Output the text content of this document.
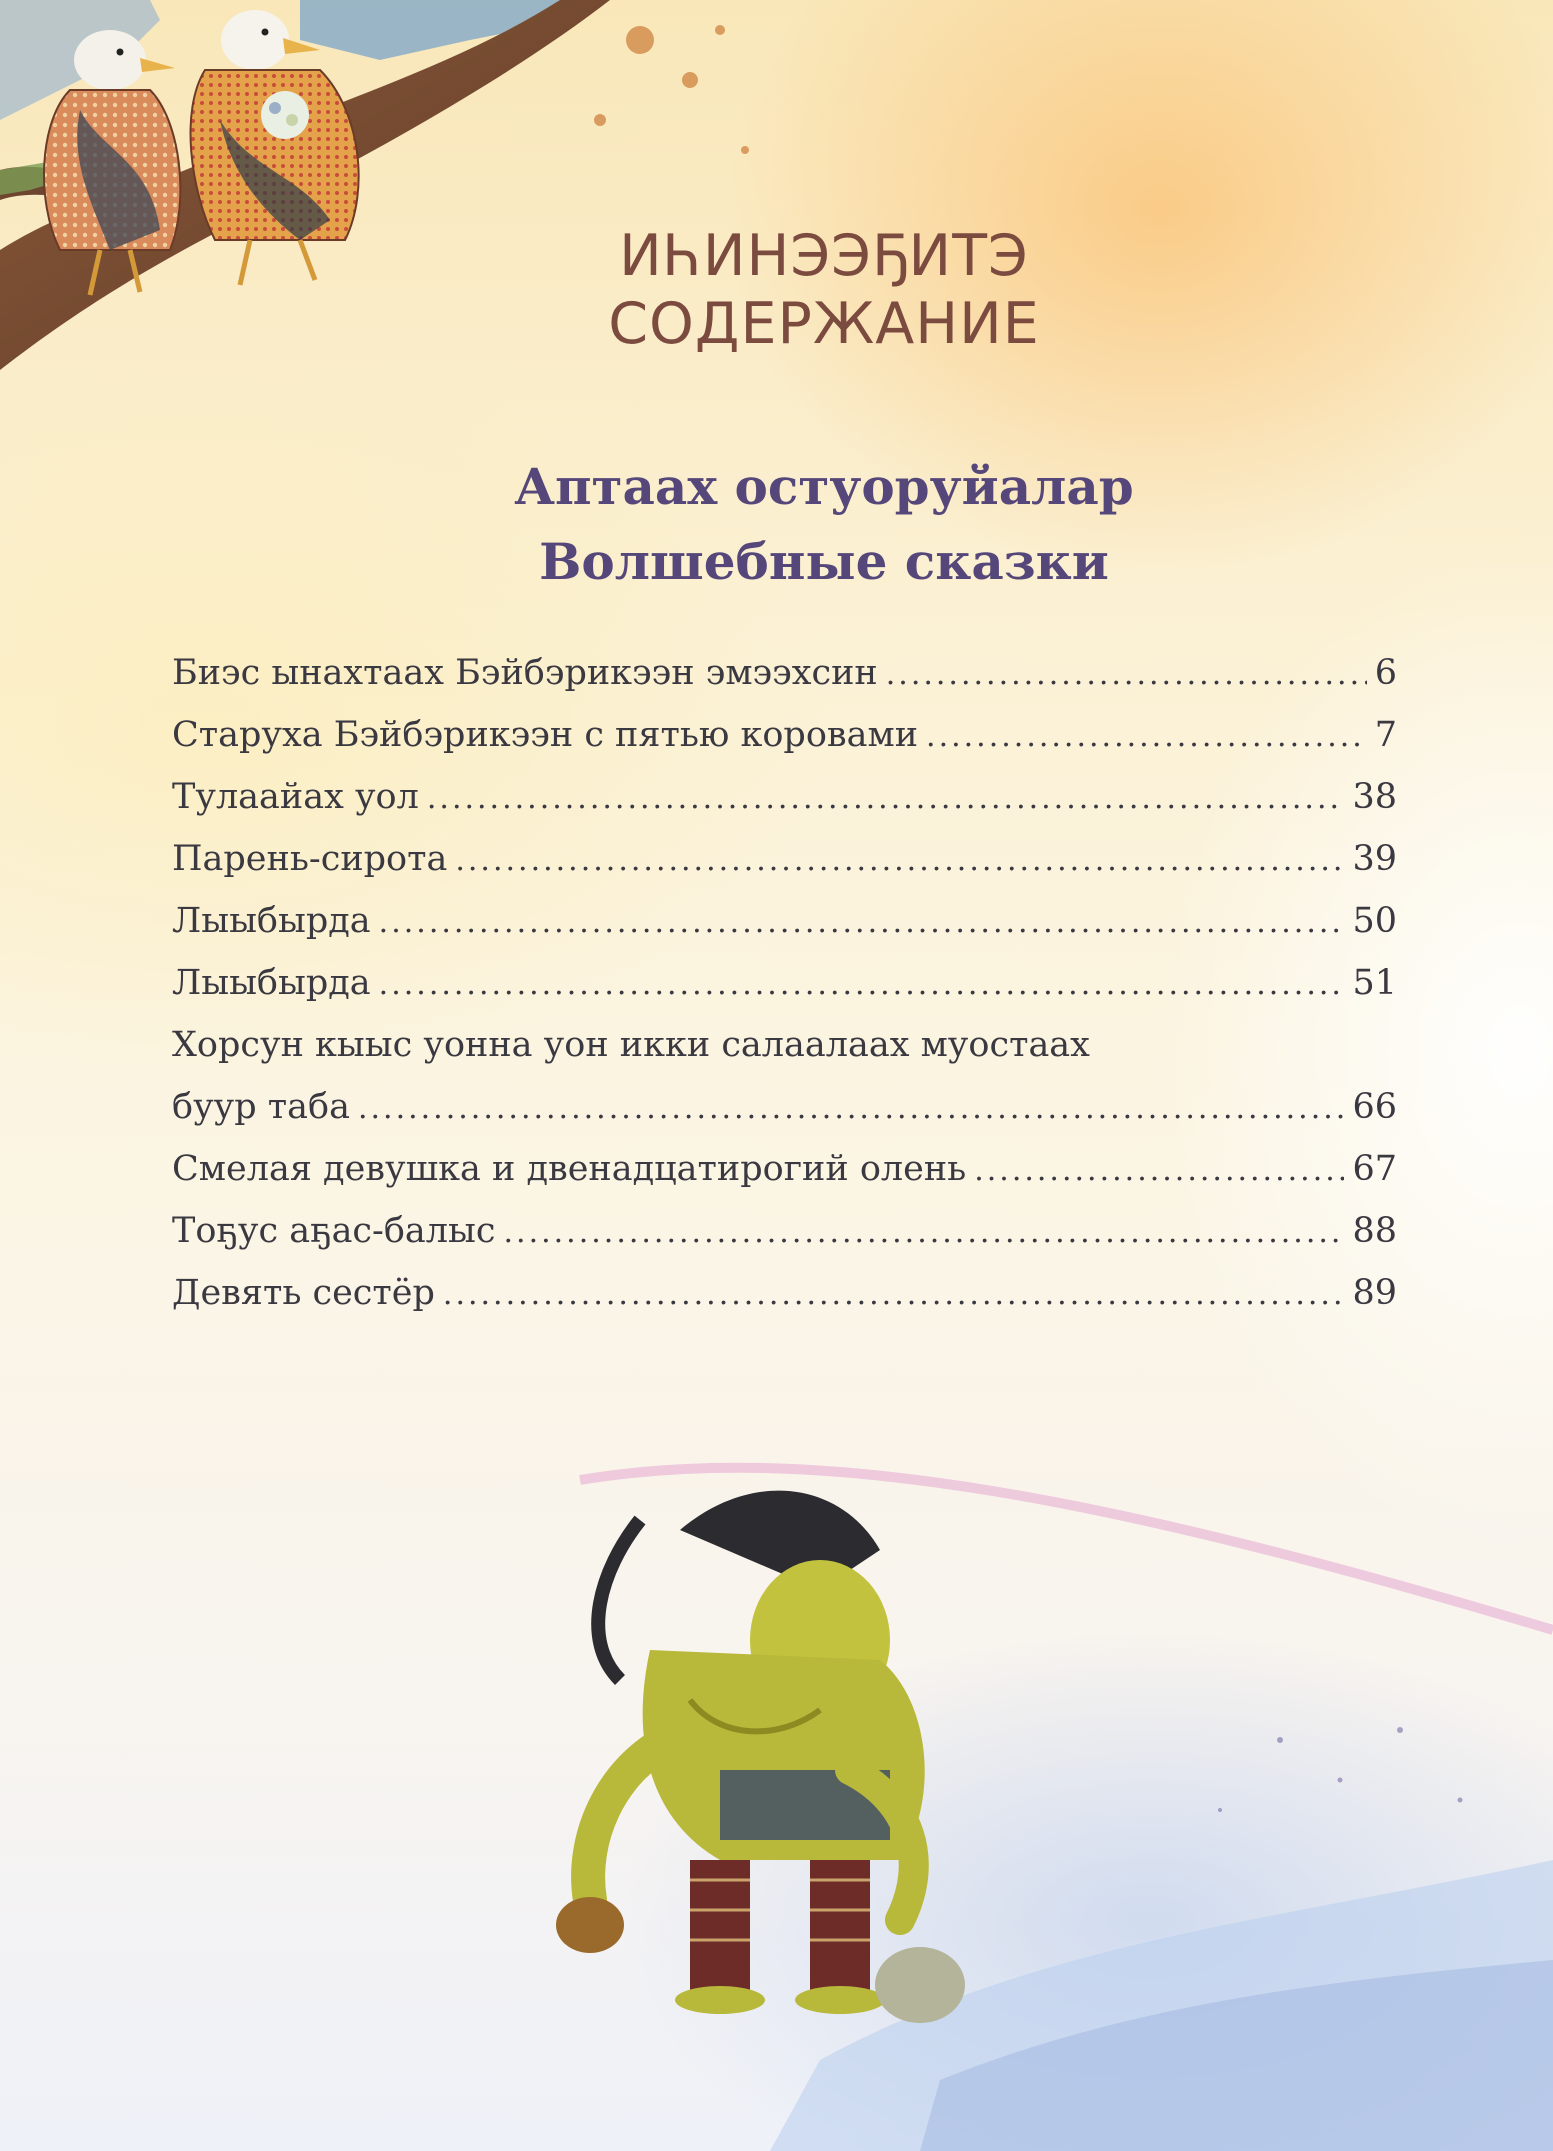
ИҺИНЭЭҔИТЭ
СОДЕРЖАНИЕ
Аптаах остуоруйалар
Волшебные сказки
Биэс ынахтаах Бэйбэрикээн эмээхсин .....	6
Старуха Бэйбэрикээн с пятью коровами .....	7
Тулаайах уол .....	38
Парень-сирота .....	39
Лыыбырда .....	50
Лыыбырда .....	51
Хорсун кыыс уонна уон икки салаалаах муостаах
буур таба .....	66
Смелая девушка и двенадцатирогий олень .....	67
Тоҕус аҕас-балыс .....	88
Девять сестёр .....	89
